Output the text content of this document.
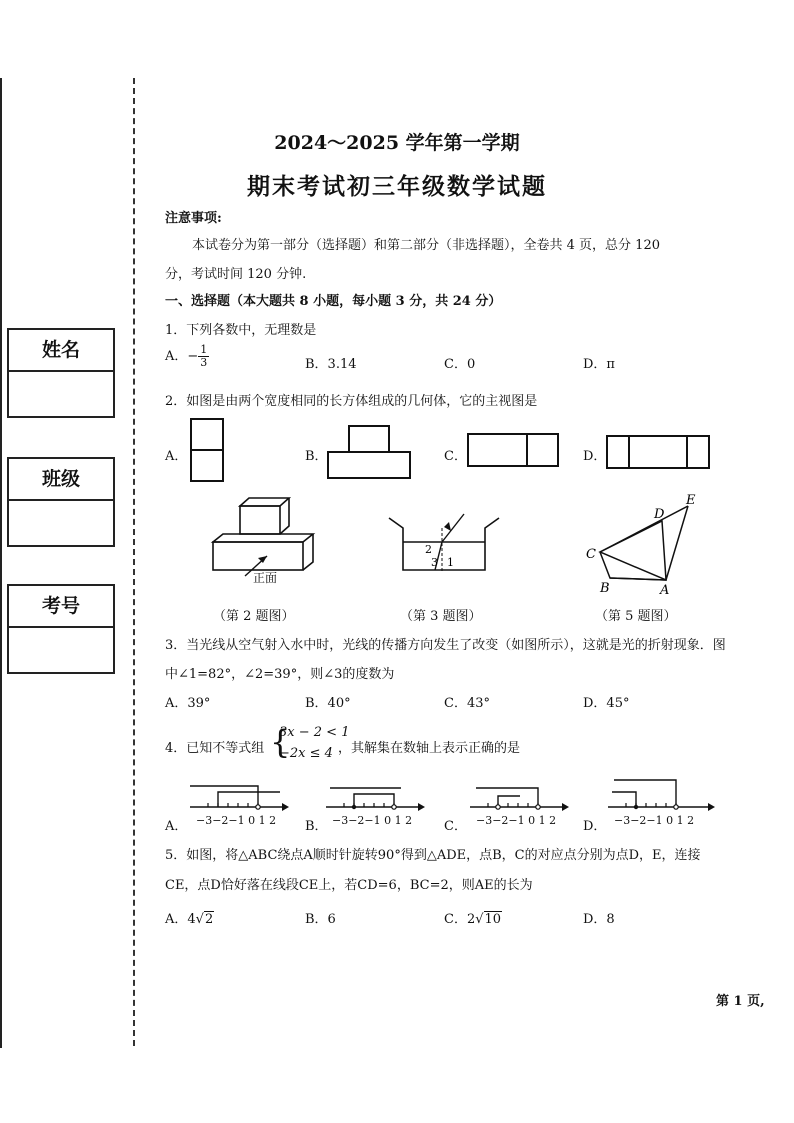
姓名
班级
考号
2024～2025 学年第一学期
期末考试初三年级数学试题
注意事项:
本试卷分为第一部分（选择题）和第二部分（非选择题），全卷共 4 页，总分 120
分，考试时间 120 分钟.
一、选择题（本大题共 8 小题，每小题 3 分，共 24 分）
1．下列各数中，无理数是
A．− $\frac{1}{3}$	B．3.14	C．0	D．π
2．如图是由两个宽度相同的长方体组成的几何体，它的主视图是
A．	B．	C．	D．
正面
2
3 1
C
D
E
B	A
（第 2 题图）	（第 3 题图）	（第 5 题图）
3．当光线从空气射入水中时，光线的传播方向发生了改变（如图所示），这就是光的折射现象．图
中∠1=82°，∠2=39°，则∠3的度数为
A．39°	B．40°	C．43°	D．45°
4．已知不等式组 {
3x − 2 < 1
−2x ≤ 4 ，其解集在数轴上表示正确的是
A． −3−2−1 0 1 2 B． −3−2−1 0 1 2 C． −3−2−1 0 1 2 D． −3−2−1 0 1 2
5．如图，将△ABC绕点A顺时针旋转90°得到△ADE，点B，C的对应点分别为点D，E，连接
CE，点D恰好落在线段CE上，若CD=6，BC=2，则AE的长为
A．4√2	B．6	C．2√10	D．8
第 1 页,
